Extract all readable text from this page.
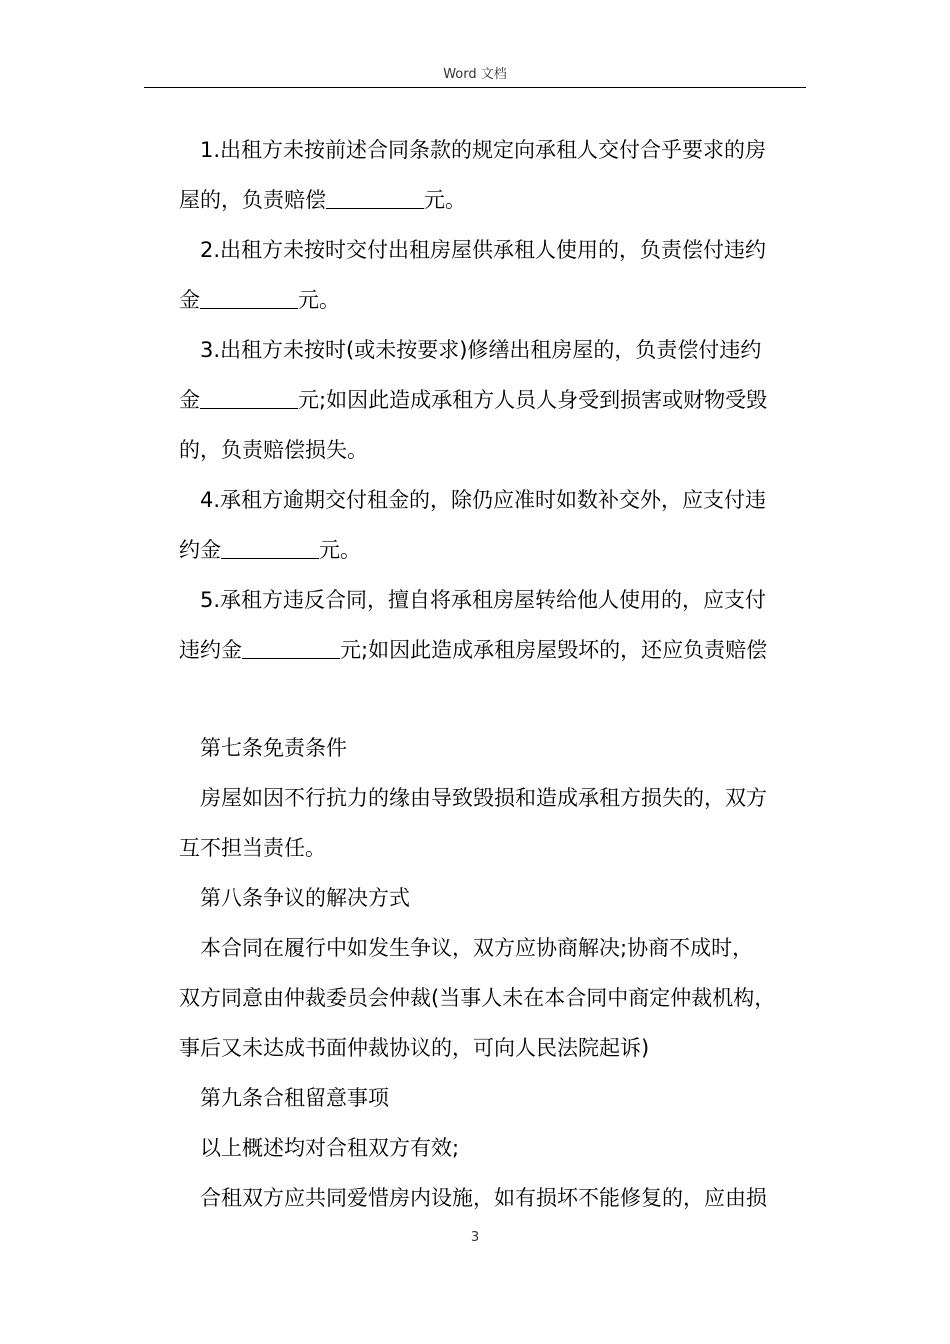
Word 文档
1.出租方未按前述合同条款的规定向承租人交付合乎要求的房
屋的，负责赔偿	元。
2.出租方未按时交付出租房屋供承租人使用的，负责偿付违约
金	元。
3.出租方未按时(或未按要求)修缮出租房屋的，负责偿付违约
金	元;如因此造成承租方人员人身受到损害或财物受毁
的，负责赔偿损失。
4.承租方逾期交付租金的，除仍应准时如数补交外，应支付违
约金	元。
5.承租方违反合同，擅自将承租房屋转给他人使用的，应支付
违约金	元;如因此造成承租房屋毁坏的，还应负责赔偿
第七条免责条件
房屋如因不行抗力的缘由导致毁损和造成承租方损失的，双方
互不担当责任。
第八条争议的解决方式
本合同在履行中如发生争议，双方应协商解决;协商不成时，
双方同意由仲裁委员会仲裁(当事人未在本合同中商定仲裁机构，
事后又未达成书面仲裁协议的，可向人民法院起诉)
第九条合租留意事项
以上概述均对合租双方有效;
合租双方应共同爱惜房内设施，如有损坏不能修复的，应由损
3
